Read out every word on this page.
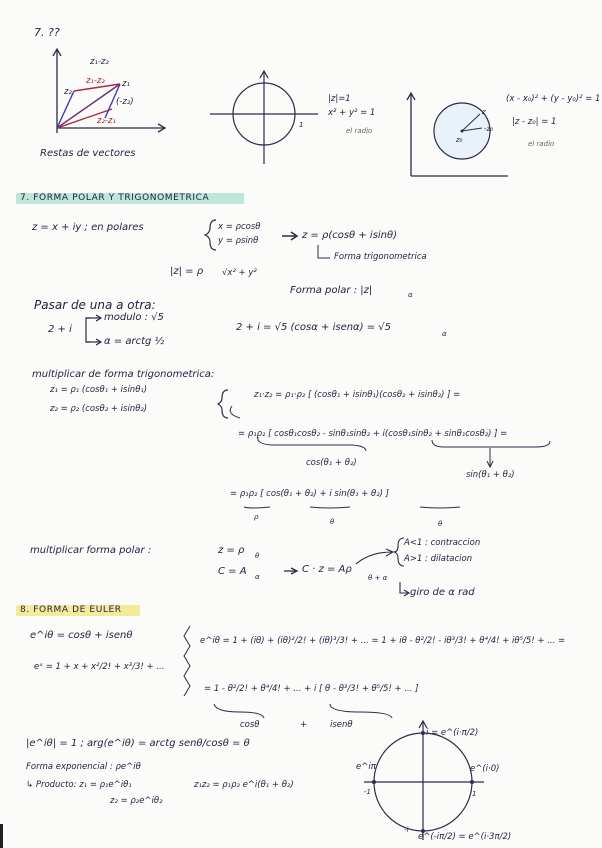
7. ??
z₁-z₂
z₁-z₂ z₁
z₂
(-z₂)
z₂-z₁
Restas de vectores
1
|z|=1
x² + y² = 1
el radio
z
-z₀
z₀
(x - x₀)² + (y - y₀)² = 1
|z - z₀| = 1
el radio
7. FORMA POLAR Y TRIGONOMETRICA
z = x + iy ; en polares	x = ρcosθ
y = ρsinθ	z = ρ(cosθ + isinθ)
Forma trigonometrica
|z| = ρ √x² + y²
Forma polar : |z|	α
Pasar de una a otra:
2 + i
modulo : √5
α = arctg ½
2 + i = √5 (cosα + isenα) = √5
α
multiplicar de forma trigonometrica:
z₁ = ρ₁ (cosθ₁ + isinθ₁)
z₂ = ρ₂ (cosθ₂ + isinθ₂)
z₁·z₂ = ρ₁·ρ₂ [ (cosθ₁ + isinθ₁)(cosθ₂ + isinθ₂) ] =
= ρ₁ρ₂ [ cosθ₁cosθ₂ - sinθ₁sinθ₂ + i(cosθ₁sinθ₂ + sinθ₁cosθ₂) ] =
cos(θ₁ + θ₂)
sin(θ₁ + θ₂)
= ρ₁ρ₂ [ cos(θ₁ + θ₂) + i sin(θ₁ + θ₂) ]
ρ
θ	θ
multiplicar forma polar :	z = ρ θ
C = A α
C · z = Aρ
θ + α
A<1 : contraccion
A>1 : dilatacion
giro de α rad
8. FORMA DE EULER
e^iθ = cosθ + isenθ
eˣ = 1 + x + x²/2! + x³/3! + ...
e^iθ = 1 + (iθ) + (iθ)²/2! + (iθ)³/3! + ... = 1 + iθ - θ²/2! - iθ³/3! + θ⁴/4! + iθ⁵/5! + ... =
= 1 - θ²/2! + θ⁴/4! + ... + i [ θ - θ³/3! + θ⁵/5! + ... ]
cosθ	+	isenθ
|e^iθ| = 1 ; arg(e^iθ) = arctg senθ/cosθ = θ
Forma exponencial : ρe^iθ
↳ Producto: z₁ = ρ₁e^iθ₁
z₂ = ρ₂e^iθ₂
z₁z₂ = ρ₁ρ₂ e^i(θ₁ + θ₂)
i = e^(i·π/2)
e^iπ	e^(i·0)
-1	1
-i
e^(-iπ/2) = e^(i·3π/2)
